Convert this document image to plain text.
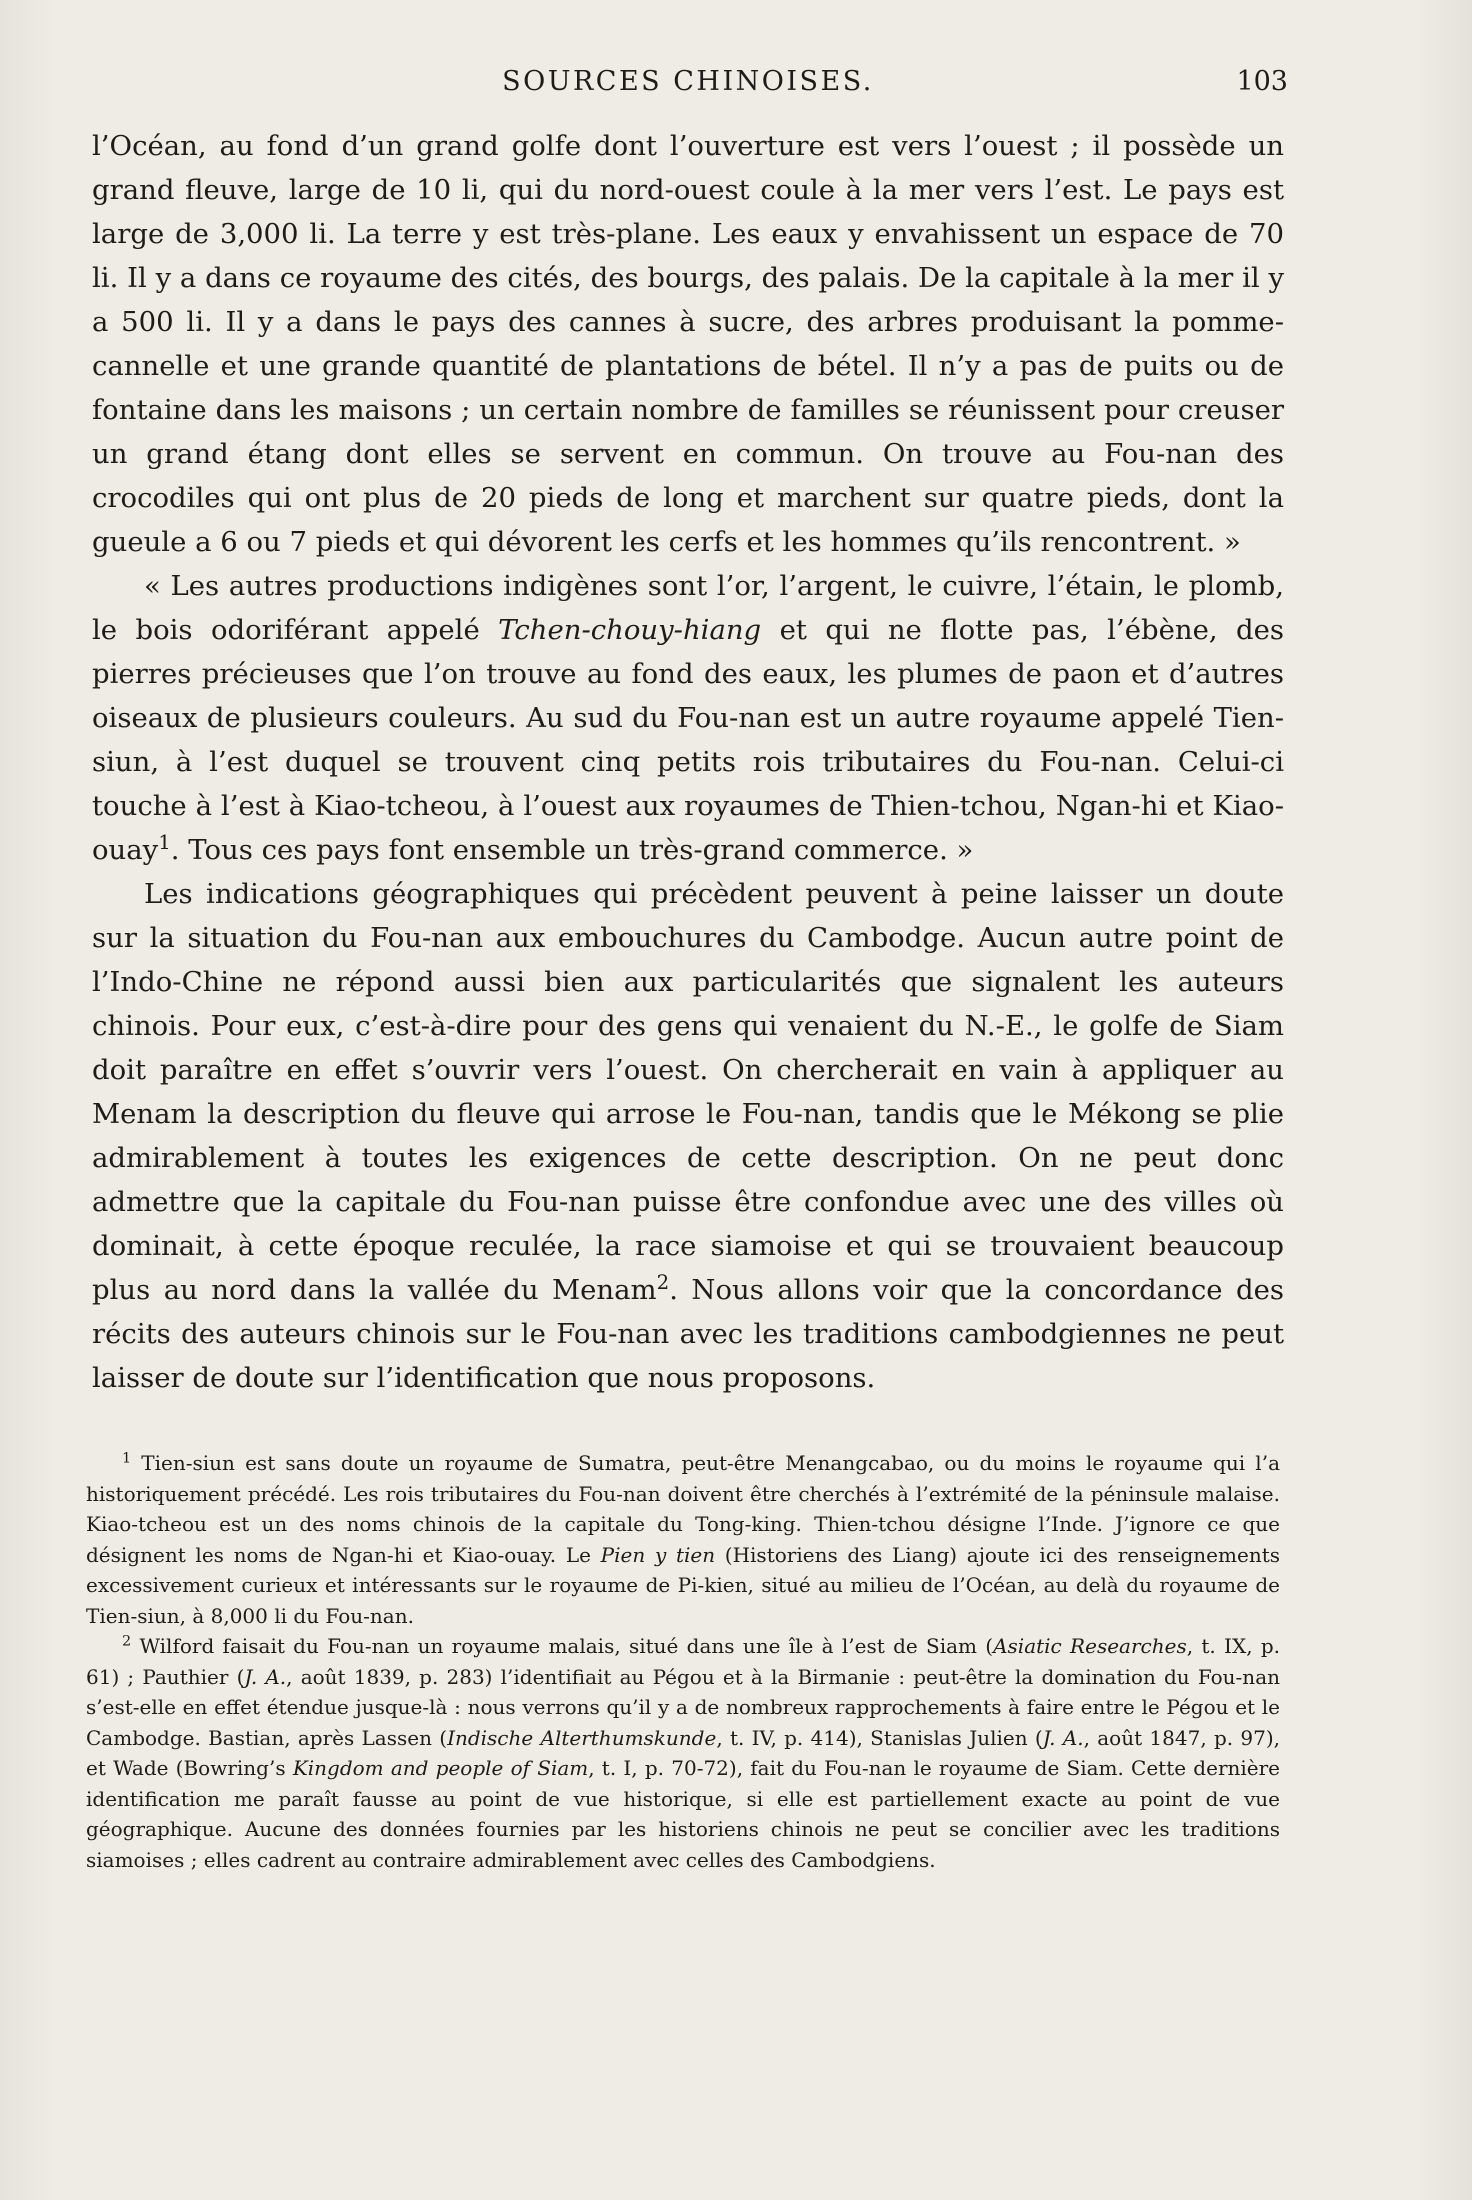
SOURCES CHINOISES.	103

l’Océan, au fond d’un grand golfe dont l’ouverture est vers l’ouest ; il possède un grand fleuve, large de 10 li, qui du nord-ouest coule à la mer vers l’est. Le pays est large de 3,000 li. La terre y est très-plane. Les eaux y envahissent un espace de 70 li. Il y a dans ce royaume des cités, des bourgs, des palais. De la capitale à la mer il y a 500 li. Il y a dans le pays des cannes à sucre, des arbres produisant la pomme-cannelle et une grande quantité de plantations de bétel. Il n’y a pas de puits ou de fontaine dans les maisons ; un certain nombre de familles se réunissent pour creuser un grand étang dont elles se servent en commun. On trouve au Fou-nan des crocodiles qui ont plus de 20 pieds de long et marchent sur quatre pieds, dont la gueule a 6 ou 7 pieds et qui dévorent les cerfs et les hommes qu’ils rencontrent. »

« Les autres productions indigènes sont l’or, l’argent, le cuivre, l’étain, le plomb, le bois odoriférant appelé Tchen-chouy-hiang et qui ne flotte pas, l’ébène, des pierres précieuses que l’on trouve au fond des eaux, les plumes de paon et d’autres oiseaux de plusieurs couleurs. Au sud du Fou-nan est un autre royaume appelé Tien-siun, à l’est duquel se trouvent cinq petits rois tributaires du Fou-nan. Celui-ci touche à l’est à Kiao-tcheou, à l’ouest aux royaumes de Thien-tchou, Ngan-hi et Kiao-ouay$^1$. Tous ces pays font ensemble un très-grand commerce. »

Les indications géographiques qui précèdent peuvent à peine laisser un doute sur la situation du Fou-nan aux embouchures du Cambodge. Aucun autre point de l’Indo-Chine ne répond aussi bien aux particularités que signalent les auteurs chinois. Pour eux, c’est-à-dire pour des gens qui venaient du N.-E., le golfe de Siam doit paraître en effet s’ouvrir vers l’ouest. On chercherait en vain à appliquer au Menam la description du fleuve qui arrose le Fou-nan, tandis que le Mékong se plie admirablement à toutes les exigences de cette description. On ne peut donc admettre que la capitale du Fou-nan puisse être confondue avec une des villes où dominait, à cette époque reculée, la race siamoise et qui se trouvaient beaucoup plus au nord dans la vallée du Menam$^2$. Nous allons voir que la concordance des récits des auteurs chinois sur le Fou-nan avec les traditions cambodgiennes ne peut laisser de doute sur l’identification que nous proposons.

$^1$ Tien-siun est sans doute un royaume de Sumatra, peut-être Menangcabao, ou du moins le royaume qui l’a historiquement précédé. Les rois tributaires du Fou-nan doivent être cherchés à l’extrémité de la péninsule malaise. Kiao-tcheou est un des noms chinois de la capitale du Tong-king. Thien-tchou désigne l’Inde. J’ignore ce que désignent les noms de Ngan-hi et Kiao-ouay. Le Pien y tien (Historiens des Liang) ajoute ici des renseignements excessivement curieux et intéressants sur le royaume de Pi-kien, situé au milieu de l’Océan, au delà du royaume de Tien-siun, à 8,000 li du Fou-nan.

$^2$ Wilford faisait du Fou-nan un royaume malais, situé dans une île à l’est de Siam (Asiatic Researches, t. IX, p. 61) ; Pauthier (J. A., août 1839, p. 283) l’identifiait au Pégou et à la Birmanie : peut-être la domination du Fou-nan s’est-elle en effet étendue jusque-là : nous verrons qu’il y a de nombreux rapprochements à faire entre le Pégou et le Cambodge. Bastian, après Lassen (Indische Alterthumskunde, t. IV, p. 414), Stanislas Julien (J. A., août 1847, p. 97), et Wade (Bowring’s Kingdom and people of Siam, t. I, p. 70-72), fait du Fou-nan le royaume de Siam. Cette dernière identification me paraît fausse au point de vue historique, si elle est partiellement exacte au point de vue géographique. Aucune des données fournies par les historiens chinois ne peut se concilier avec les traditions siamoises ; elles cadrent au contraire admirablement avec celles des Cambodgiens.
